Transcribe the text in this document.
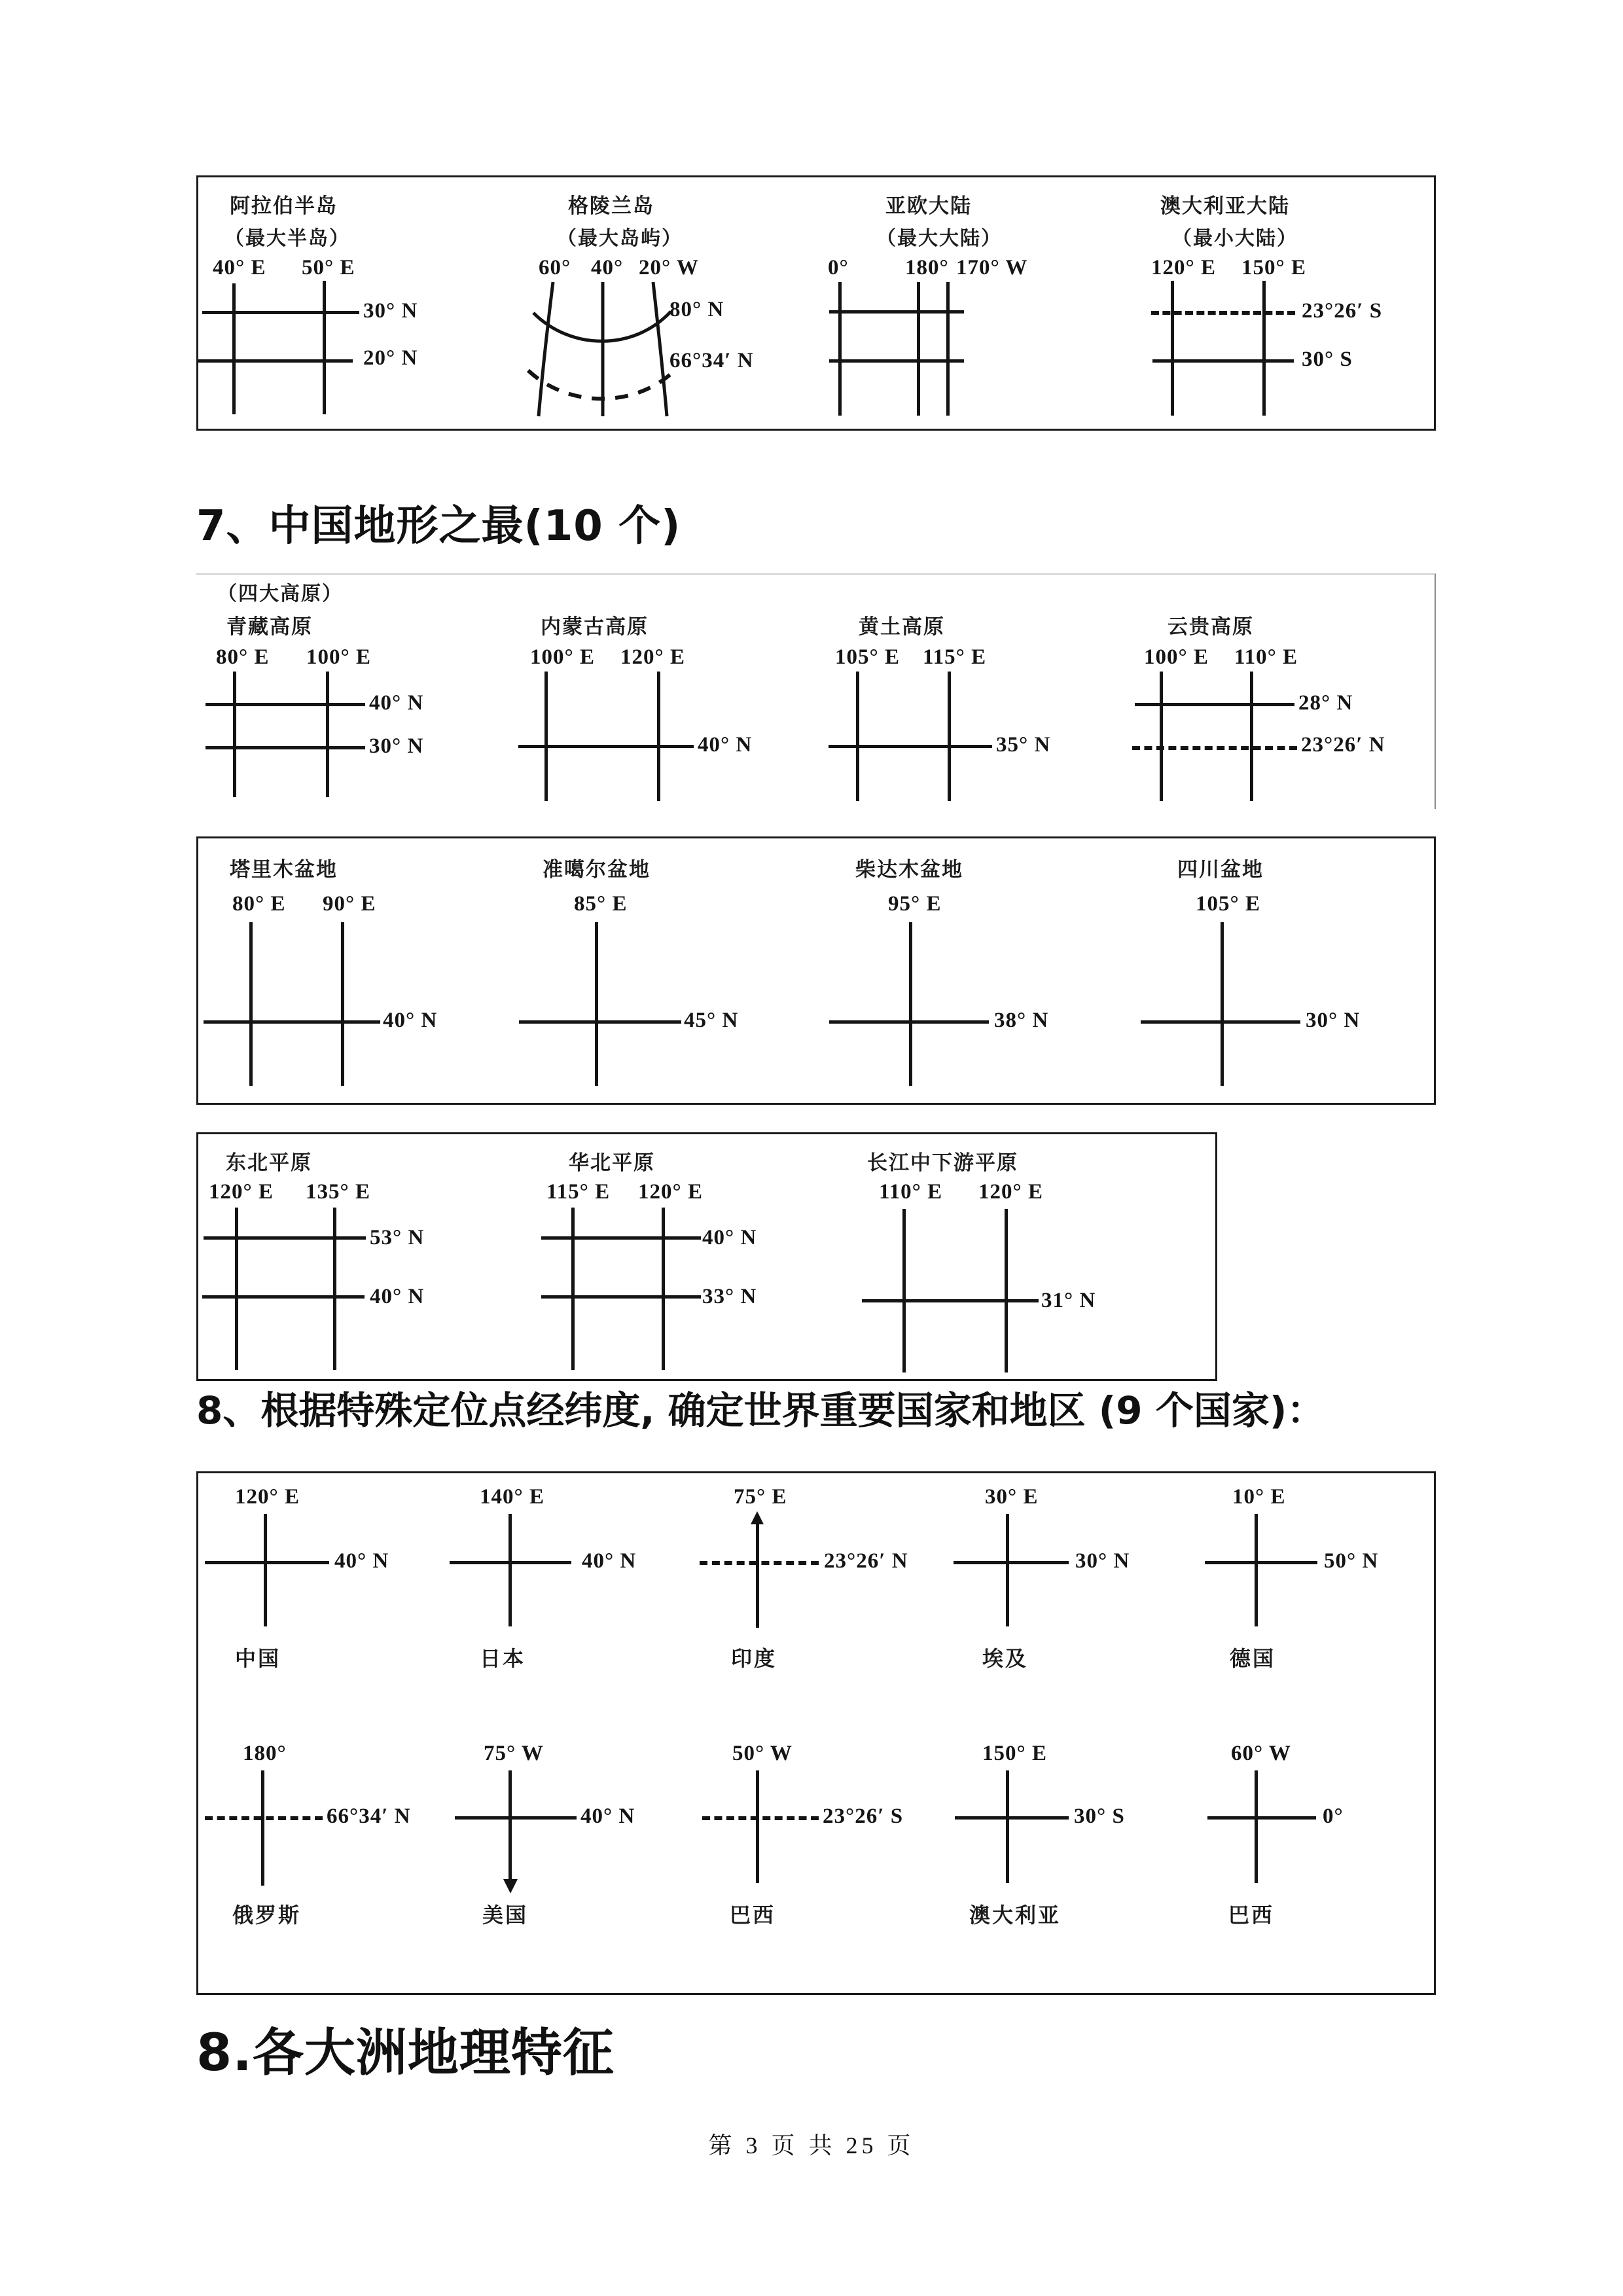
阿拉伯半岛
（最大半岛）
40° E 50° E
30° N
20° N
格陵兰岛
（最大岛屿）
60° 40° 20° W
80° N
66°34′ N
亚欧大陆
（最大大陆）
0°	180° 170° W
澳大利亚大陆
（最小大陆）
120° E 150° E
23°26′ S
30° S
7、中国地形之最(10 个)
（四大高原）
青藏高原
80° E 100° E
40° N
30° N
内蒙古高原
100° E 120° E
40° N
黄土高原
105° E 115° E
35° N
云贵高原
100° E 110° E
28° N
23°26′ N
塔里木盆地
80° E 90° E
40° N
准噶尔盆地
85° E
45° N
柴达木盆地
95° E
38° N
四川盆地
105° E
30° N
东北平原
120° E 135° E
53° N
40° N
华北平原
115° E 120° E
40° N
33° N
长江中下游平原
110° E 120° E
31° N
8、根据特殊定位点经纬度, 确定世界重要国家和地区 (9 个国家)：
120° E
40° N
中国
140° E
40° N
日本
75° E
23°26′ N
印度
30° E
30° N
埃及
10° E
50° N
德国
180°
66°34′ N
俄罗斯
75° W
40° N
美国
50° W
23°26′ S
巴西
150° E
30° S
澳大利亚
60° W
0°
巴西
8.各大洲地理特征
第 3 页 共 25 页
